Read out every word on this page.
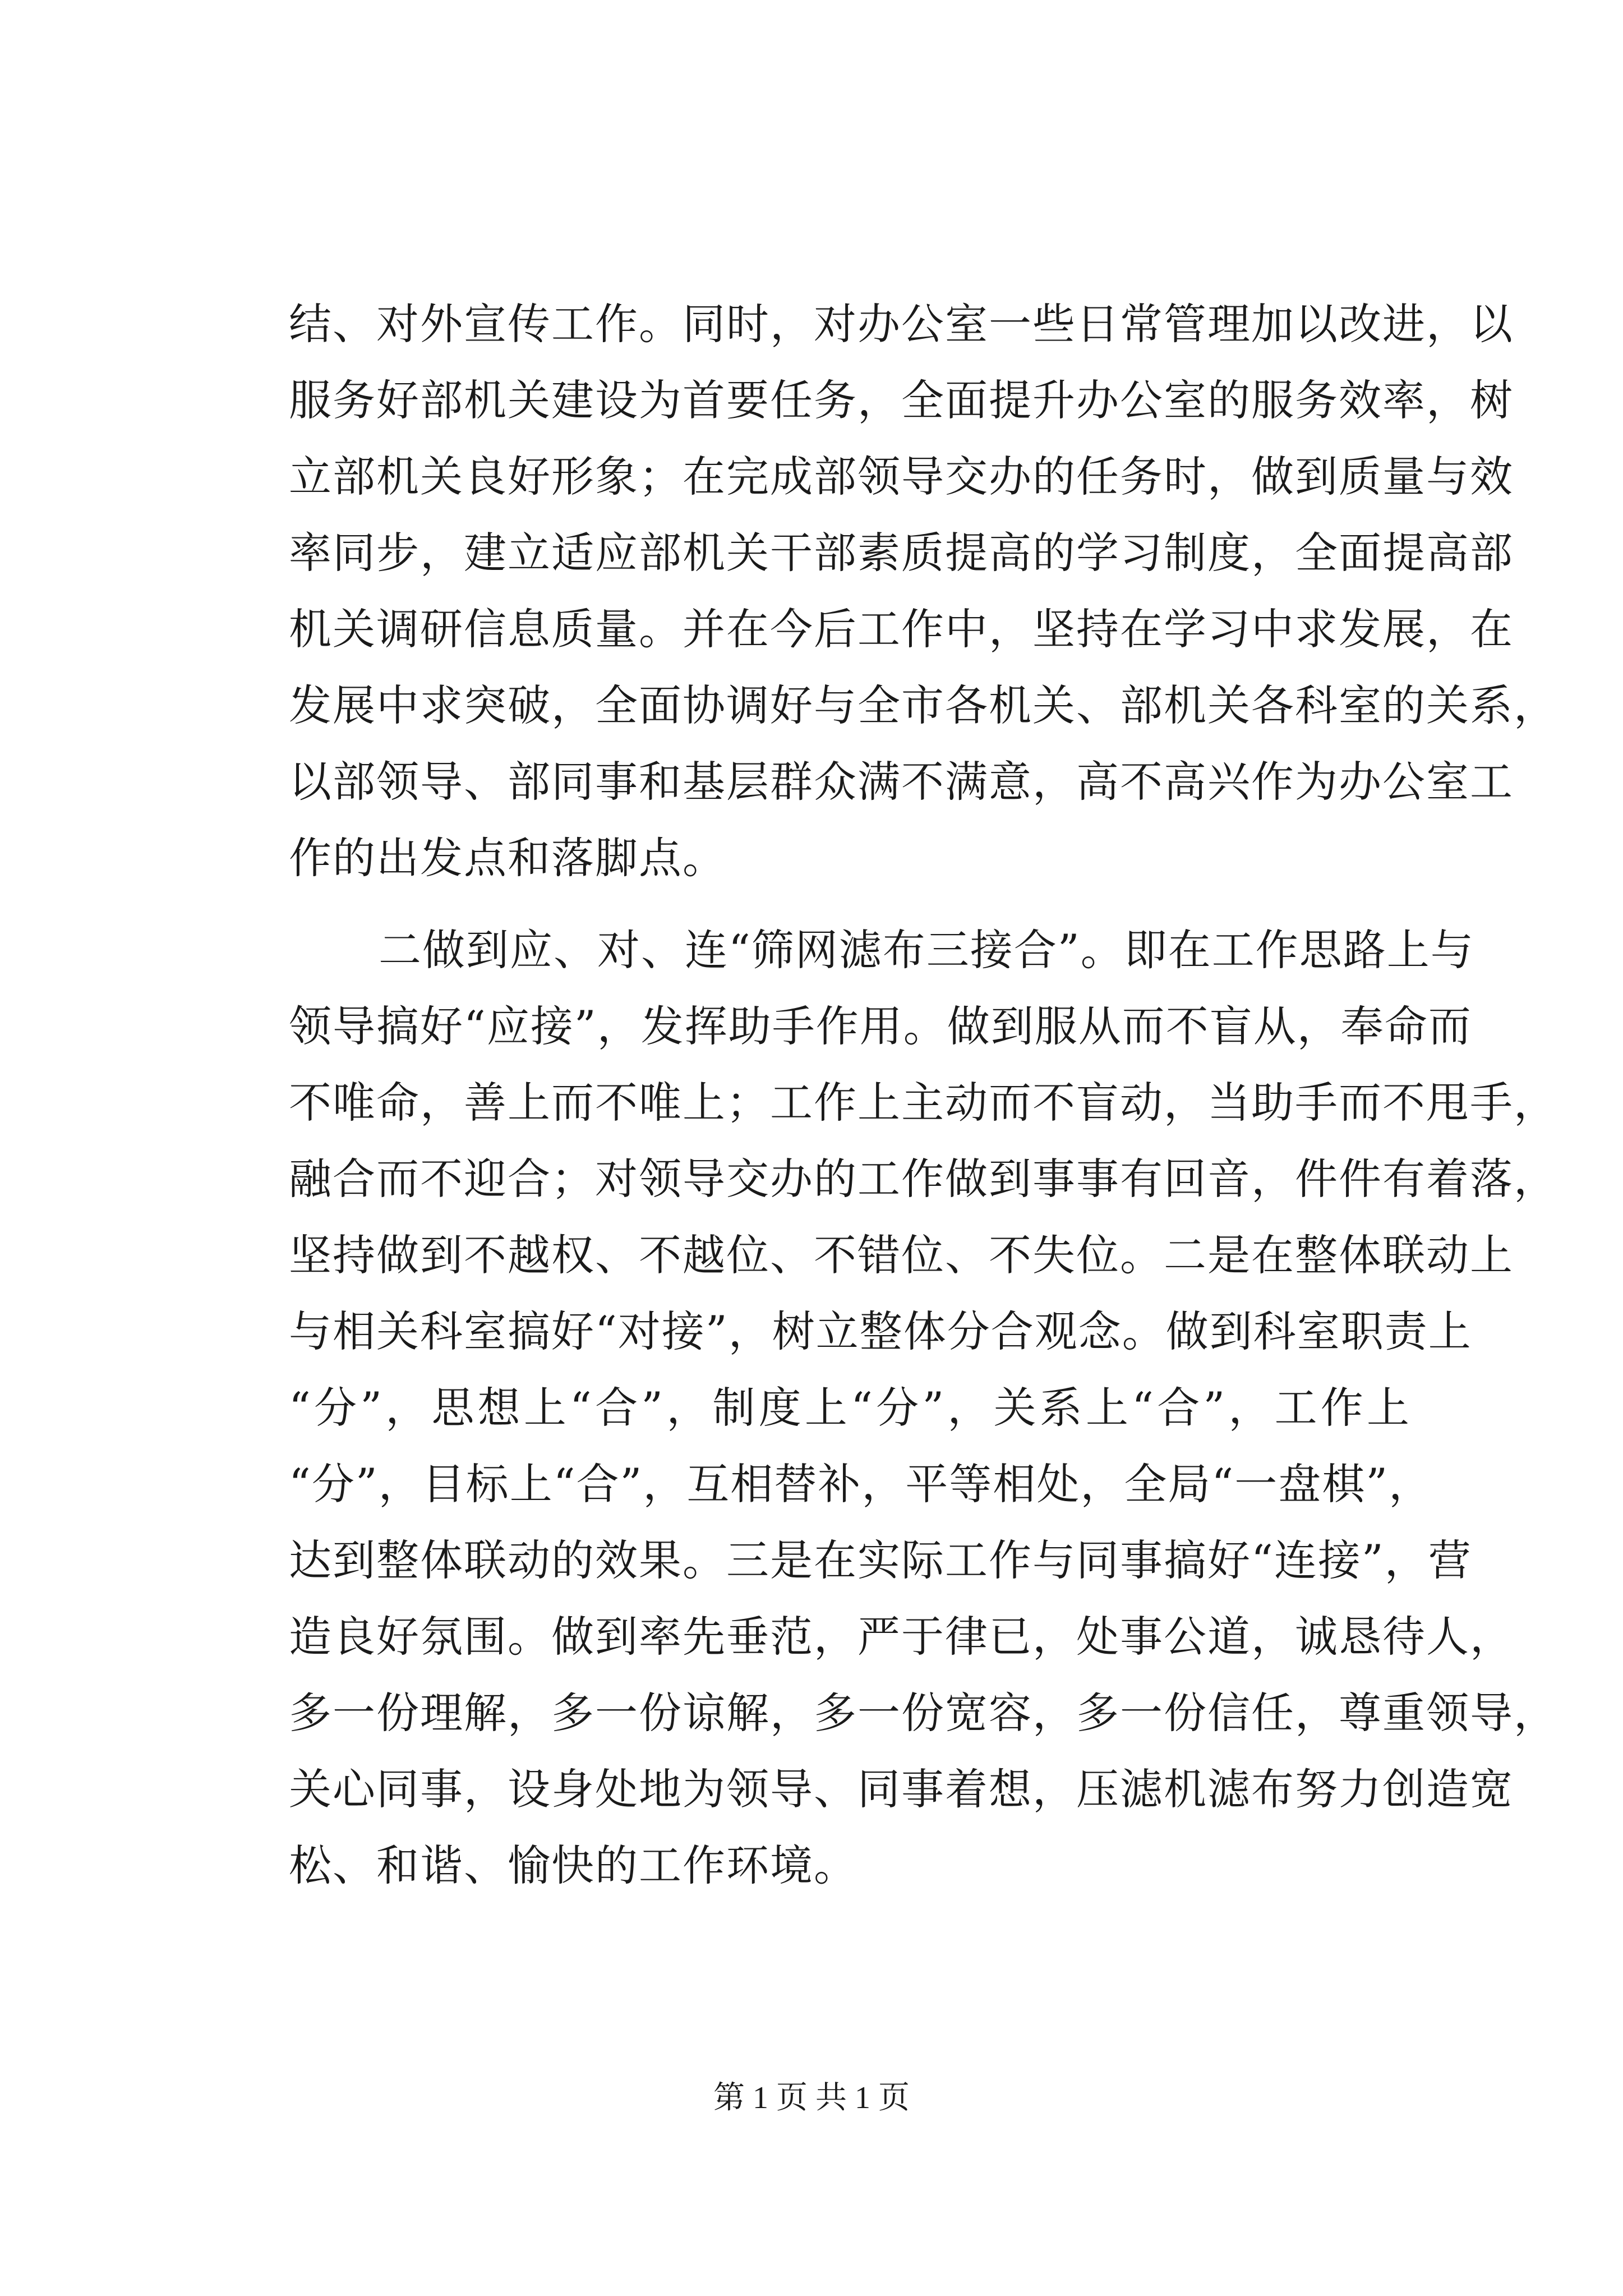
结、对外宣传工作。同时，对办公室一些日常管理加以改进，以
服务好部机关建设为首要任务，全面提升办公室的服务效率，树
立部机关良好形象；在完成部领导交办的任务时，做到质量与效
率同步，建立适应部机关干部素质提高的学习制度，全面提高部
机关调研信息质量。并在今后工作中，坚持在学习中求发展，在
发展中求突破，全面协调好与全市各机关、部机关各科室的关系，
以部领导、部同事和基层群众满不满意，高不高兴作为办公室工
作的出发点和落脚点。
二做到应、对、连“筛网滤布三接合”。即在工作思路上与
领导搞好“应接”，发挥助手作用。做到服从而不盲从，奉命而
不唯命，善上而不唯上；工作上主动而不盲动，当助手而不甩手，
融合而不迎合；对领导交办的工作做到事事有回音，件件有着落，
坚持做到不越权、不越位、不错位、不失位。二是在整体联动上
与相关科室搞好“对接”，树立整体分合观念。做到科室职责上
“分”，思想上“合”，制度上“分”，关系上“合”，工作上
“分”，目标上“合”，互相替补，平等相处，全局“一盘棋”，
达到整体联动的效果。三是在实际工作与同事搞好“连接”，营
造良好氛围。做到率先垂范，严于律已，处事公道，诚恳待人，
多一份理解，多一份谅解，多一份宽容，多一份信任，尊重领导，
关心同事，设身处地为领导、同事着想，压滤机滤布努力创造宽
松、和谐、愉快的工作环境。
第 1 页 共 1 页
